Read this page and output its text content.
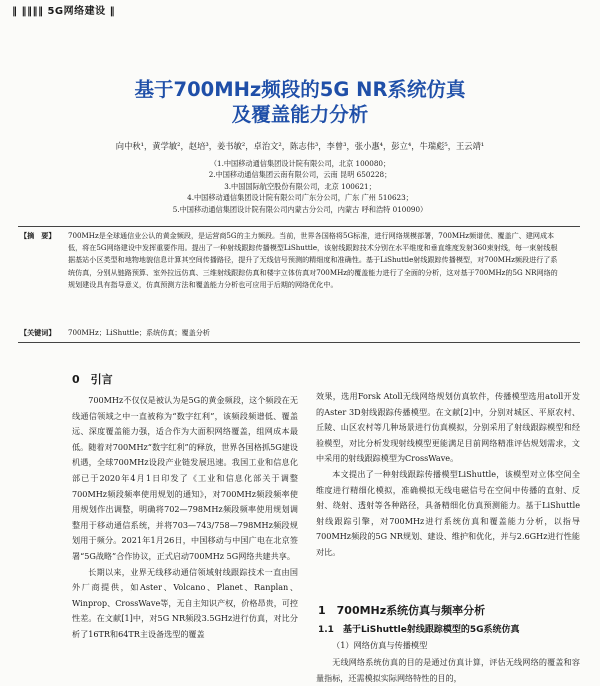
‖ ‖‖‖‖ 5G网络建设 ‖
基于700MHz频段的5G NR系统仿真
及覆盖能力分析
向中秋¹，黄学敏²，赵培³，姜书敏²，卓治文²，陈志伟³，李曾³，张小惠⁴，彭立⁴，牛瑞彪⁵，王云靖¹
（1.中国移动通信集团设计院有限公司，北京 100080；
2.中国移动通信集团云南有限公司，云南 昆明 650228；
3.中国国际航空股份有限公司，北京 100621；
4.中国移动通信集团设计院有限公司广东分公司，广东 广州 510623；
5.中国移动通信集团设计院有限公司内蒙古分公司，内蒙古 呼和浩特 010090）
【摘　要】 700MHz是全球通信业公认的黄金频段，是运营商5G的主力频段。当前，世界各国格将5G标准，进行网络规模部署，700MHz频谱优、覆盖广、建网成本低，将在5G网络建设中发挥重要作用。提出了一种射线跟踪传播模型LiShuttle，该射线跟踪技术分别在水平维度和垂直维度发射360束射线，每一束射线根据基站小区类型和地物地貌信息计算其空间传播路径，提升了无线信号预测的精细度和准确性。基于LiShuttle射线跟踪传播模型，对700MHz频段进行了系统仿真，分别从链路预算、室外拉远仿真、三维射线跟踪仿真和楼宇立体仿真对700MHz的覆盖能力进行了全面的分析，这对基于700MHz的5G NR网络的规划建设具有指导意义，仿真预测方法和覆盖能力分析也可应用于后期的网络优化中。
【关键词】 700MHz；LiShuttle；系统仿真；覆盖分析
0　引言

700MHz不仅仅是被认为是5G的黄金频段，这个频段在无线通信领域之中一直被称为“数字红利”，该频段频谱低、覆盖远、深度覆盖能力强，适合作为大面积网络覆盖，组网成本最低。随着对700MHz“数字红利”的释放，世界各国格抓5G建设机遇，全球700MHz设段产业链发展迅速。我国工业和信息化部已于2020年4月1日印发了《工业和信息化部关于调整700MHz频段频率使用规划的通知》，对700MHz频段频率使用规划作出调整，明确将702—798MHz频段频率使用规划调整用于移动通信系统，并将703—743/758—798MHz频段规划用于频分。2021年1月26日，中国移动与中国广电在北京签署“5G战略”合作协议，正式启动700MHz 5G网络共建共享。

长期以来，业界无线移动通信领域射线跟踪技术一直由国外厂商提供，如Aster、Volcano、Planet、Ranplan、Winprop、CrossWave等，无自主知识产权，价格昂贵，可控性差。在文献[1]中，对5G NR频段3.5GHz进行仿真，对比分析了16TR和64TR主设备选型的覆盖

效果，选用Forsk Atoll无线网络规划仿真软件，传播模型选用atoll开发的Aster 3D射线跟踪传播模型。在文献[2]中，分别对城区、平原农村、丘陵、山区农村等几种场景进行仿真模拟，分别采用了射线跟踪模型和经验模型，对比分析发现射线模型更能满足目前网络精准评估规划需求，文中采用的射线跟踪模型为CrossWave。

本文提出了一种射线跟踪传播模型LiShuttle，该模型对立体空间全维度进行精细化模拟，准确模拟无线电磁信号在空间中传播的直射、反射、绕射、透射等各种路径，具备精细化仿真预测能力。基于LiShuttle射线跟踪引擎，对700MHz进行系统仿真和覆盖能力分析，以指导700MHz频段的5G NR规划、建设、维护和优化，并与2.6GHz进行性能对比。

1　700MHz系统仿真与频率分析
1.1　基于LiShuttle射线跟踪模型的5G系统仿真
（1）网络仿真与传播模型

无线网络系统仿真的目的是通过仿真计算，评估无线网络的覆盖和容量指标，还需模拟实际网络特性的目的，
